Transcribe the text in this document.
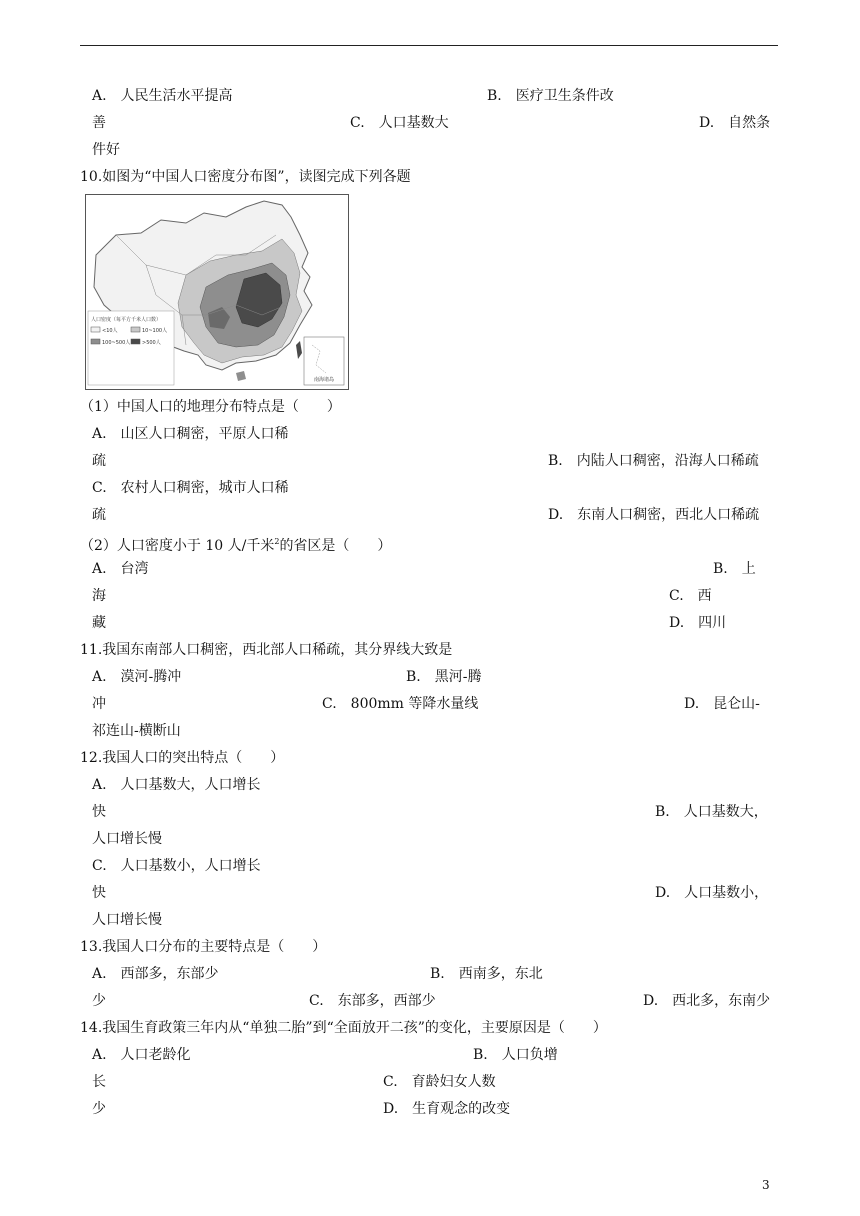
A.　人民生活水平提高	B.　医疗卫生条件改
善	C.　人口基数大	D.　自然条
件好
10.如图为“中国人口密度分布图”，读图完成下列各题
人口密度（每平方千米人口数）
<10人	10~100人
100~500人 >500人
南海诸岛
（1）中国人口的地理分布特点是（　　）
A.　山区人口稠密，平原人口稀
疏	B.　内陆人口稠密，沿海人口稀疏
C.　农村人口稠密，城市人口稀
疏	D.　东南人口稠密，西北人口稀疏
（2）人口密度小于 10 人/千米$^2$的省区是（　　）
A.　台湾	B.　上
海	C.　西
藏	D.　四川
11.我国东南部人口稠密，西北部人口稀疏，其分界线大致是
A.　漠河-腾冲	B.　黑河-腾
冲	C.　800mm 等降水量线	D.　昆仑山-
祁连山-横断山
12.我国人口的突出特点（　　）
A.　人口基数大，人口增长
快	B.　人口基数大，
人口增长慢
C.　人口基数小，人口增长
快	D.　人口基数小，
人口增长慢
13.我国人口分布的主要特点是（　　）
A.　西部多，东部少	B.　西南多，东北
少	C.　东部多，西部少	D.　西北多，东南少
14.我国生育政策三年内从“单独二胎”到“全面放开二孩”的变化，主要原因是（　　）
A.　人口老龄化	B.　人口负增
长	C.　育龄妇女人数
少	D.　生育观念的改变
3
